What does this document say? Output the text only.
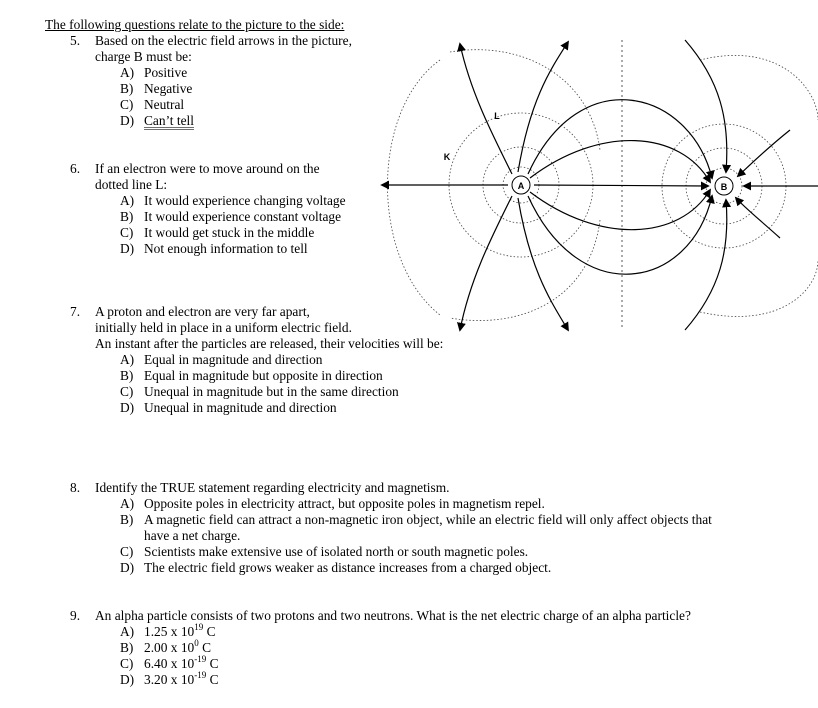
The following questions relate to the picture to the side:
5. Based on the electric field arrows in the picture,
charge B must be:
A) Positive
B) Negative
C) Neutral
D) Can’t tell
6. If an electron were to move around on the
dotted line L:
A) It would experience changing voltage
B) It would experience constant voltage
C) It would get stuck in the middle
D) Not enough information to tell
7. A proton and electron are very far apart,
initially held in place in a uniform electric field.
An instant after the particles are released, their velocities will be:
A) Equal in magnitude and direction
B) Equal in magnitude but opposite in direction
C) Unequal in magnitude but in the same direction
D) Unequal in magnitude and direction
8. Identify the TRUE statement regarding electricity and magnetism.
A) Opposite poles in electricity attract, but opposite poles in magnetism repel.
B) A magnetic field can attract a non-magnetic iron object, while an electric field will only affect objects that
have a net charge.
C) Scientists make extensive use of isolated north or south magnetic poles.
D) The electric field grows weaker as distance increases from a charged object.
9. An alpha particle consists of two protons and two neutrons. What is the net electric charge of an alpha particle?
A) 1.25 x $10^{19}$ C
B) 2.00 x $10^0$ C
C) 6.40 x $10^{-19}$ C
D) 3.20 x $10^{-19}$ C
A	B
K
L
